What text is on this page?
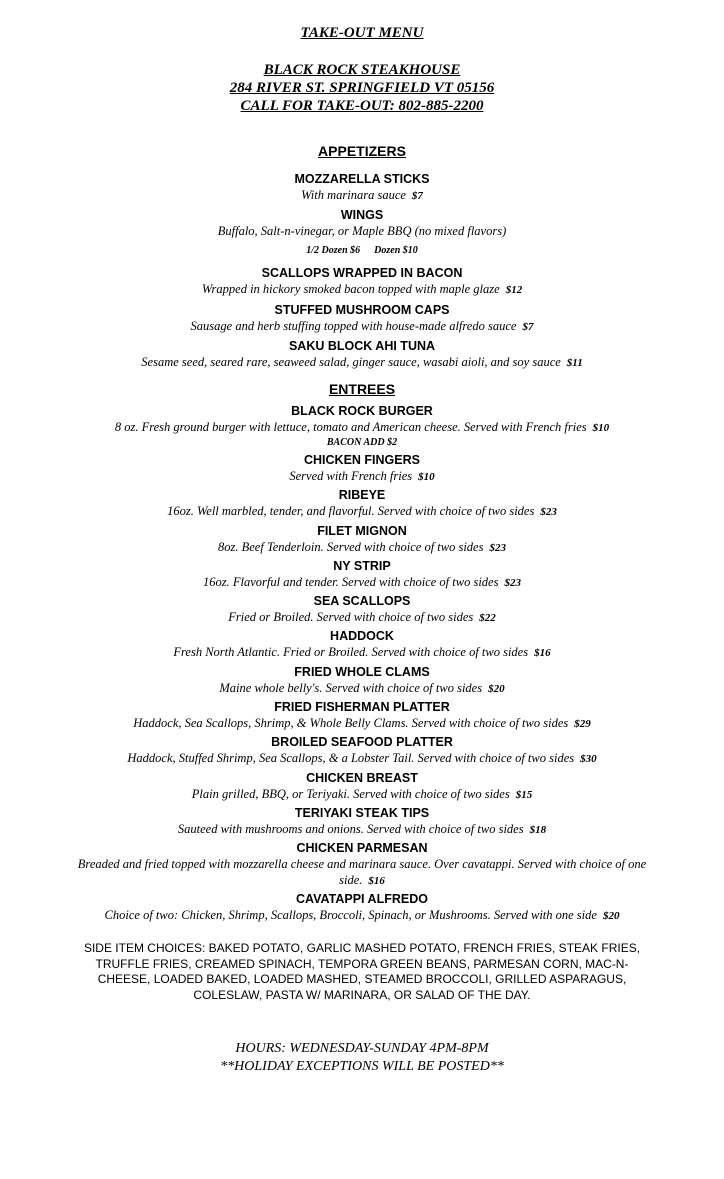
TAKE-OUT MENU

BLACK ROCK STEAKHOUSE

284 RIVER ST. SPRINGFIELD VT 05156

CALL FOR TAKE-OUT: 802-885-2200

APPETIZERS

MOZZARELLA STICKS

With marinara sauce $7

WINGS

Buffalo, Salt-n-vinegar, or Maple BBQ (no mixed flavors)

1/2 Dozen $6 Dozen $10

SCALLOPS WRAPPED IN BACON

Wrapped in hickory smoked bacon topped with maple glaze $12

STUFFED MUSHROOM CAPS

Sausage and herb stuffing topped with house-made alfredo sauce $7

SAKU BLOCK AHI TUNA

Sesame seed, seared rare, seaweed salad, ginger sauce, wasabi aioli, and soy sauce $11

ENTREES

BLACK ROCK BURGER

8 oz. Fresh ground burger with lettuce, tomato and American cheese. Served with French fries $10

BACON ADD $2

CHICKEN FINGERS

Served with French fries $10

RIBEYE

16oz. Well marbled, tender, and flavorful. Served with choice of two sides $23

FILET MIGNON

8oz. Beef Tenderloin. Served with choice of two sides $23

NY STRIP

16oz. Flavorful and tender. Served with choice of two sides $23

SEA SCALLOPS

Fried or Broiled. Served with choice of two sides $22

HADDOCK

Fresh North Atlantic. Fried or Broiled. Served with choice of two sides $16

FRIED WHOLE CLAMS

Maine whole belly's. Served with choice of two sides $20

FRIED FISHERMAN PLATTER

Haddock, Sea Scallops, Shrimp, & Whole Belly Clams. Served with choice of two sides $29

BROILED SEAFOOD PLATTER

Haddock, Stuffed Shrimp, Sea Scallops, & a Lobster Tail. Served with choice of two sides $30

CHICKEN BREAST

Plain grilled, BBQ, or Teriyaki. Served with choice of two sides $15

TERIYAKI STEAK TIPS

Sauteed with mushrooms and onions. Served with choice of two sides $18

CHICKEN PARMESAN

Breaded and fried topped with mozzarella cheese and marinara sauce. Over cavatappi. Served with choice of one side. $16

CAVATAPPI ALFREDO

Choice of two: Chicken, Shrimp, Scallops, Broccoli, Spinach, or Mushrooms. Served with one side $20

SIDE ITEM CHOICES: BAKED POTATO, GARLIC MASHED POTATO, FRENCH FRIES, STEAK FRIES, TRUFFLE FRIES, CREAMED SPINACH, TEMPORA GREEN BEANS, PARMESAN CORN, MAC-N-CHEESE, LOADED BAKED, LOADED MASHED, STEAMED BROCCOLI, GRILLED ASPARAGUS, COLESLAW, PASTA W/ MARINARA, OR SALAD OF THE DAY.

HOURS: WEDNESDAY-SUNDAY 4PM-8PM

**HOLIDAY EXCEPTIONS WILL BE POSTED**
